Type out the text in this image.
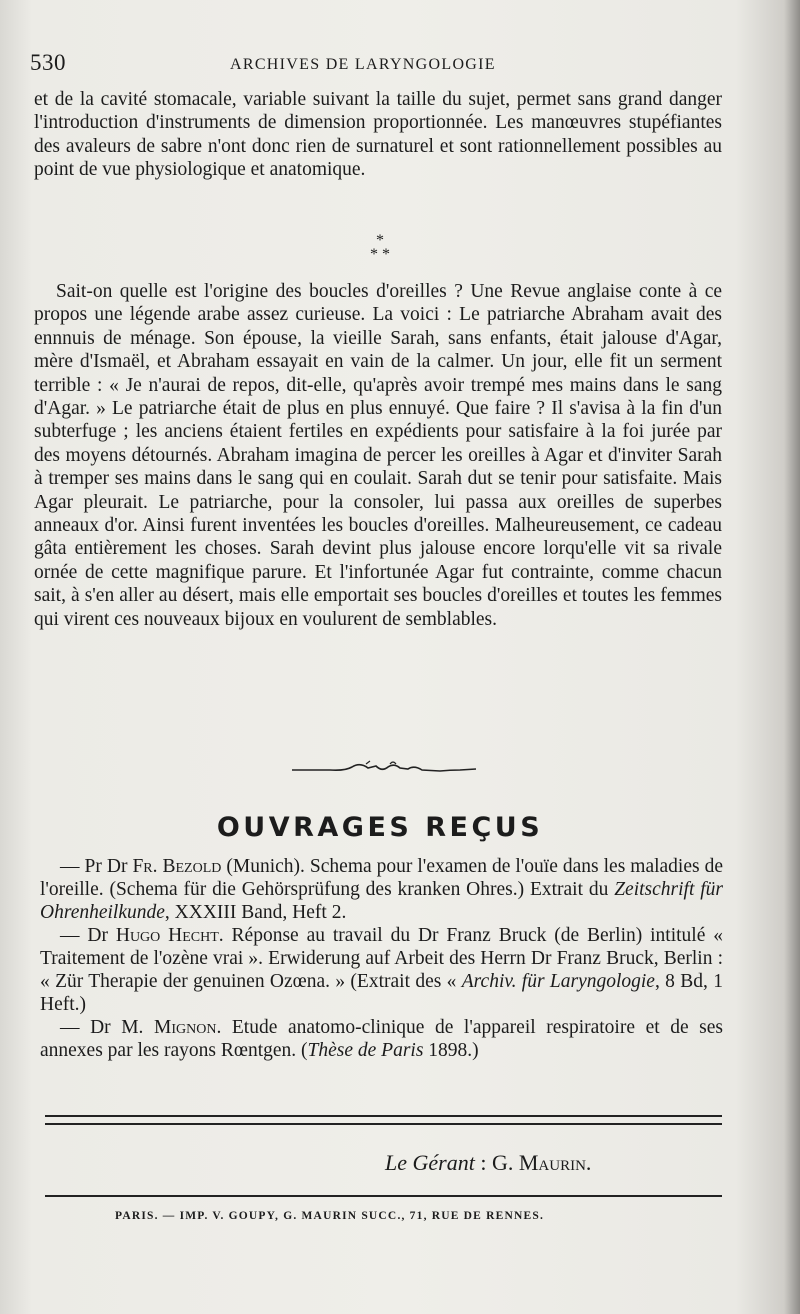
530	ARCHIVES DE LARYNGOLOGIE

et de la cavité stomacale, variable suivant la taille du sujet, permet sans grand danger l'introduction d'instruments de dimension proportionnée. Les manœuvres stupéfiantes des avaleurs de sabre n'ont donc rien de surnaturel et sont rationnellement possibles au point de vue physiologique et anatomique.

*
* *

Sait-on quelle est l'origine des boucles d'oreilles ? Une Revue anglaise conte à ce propos une légende arabe assez curieuse. La voici : Le patriarche Abraham avait des ennnuis de ménage. Son épouse, la vieille Sarah, sans enfants, était jalouse d'Agar, mère d'Ismaël, et Abraham essayait en vain de la calmer. Un jour, elle fit un serment terrible : « Je n'aurai de repos, dit-elle, qu'après avoir trempé mes mains dans le sang d'Agar. » Le patriarche était de plus en plus ennuyé. Que faire ? Il s'avisa à la fin d'un subterfuge ; les anciens étaient fertiles en expédients pour satisfaire à la foi jurée par des moyens détournés. Abraham imagina de percer les oreilles à Agar et d'inviter Sarah à tremper ses mains dans le sang qui en coulait. Sarah dut se tenir pour satisfaite. Mais Agar pleurait. Le patriarche, pour la consoler, lui passa aux oreilles de superbes anneaux d'or. Ainsi furent inventées les boucles d'oreilles. Malheureusement, ce cadeau gâta entièrement les choses. Sarah devint plus jalouse encore lorqu'elle vit sa rivale ornée de cette magnifique parure. Et l'infortunée Agar fut contrainte, comme chacun sait, à s'en aller au désert, mais elle emportait ses boucles d'oreilles et toutes les femmes qui virent ces nouveaux bijoux en voulurent de semblables.

OUVRAGES REÇUS

— Pr Dr Fr. Bezold (Munich). Schema pour l'examen de l'ouïe dans les maladies de l'oreille. (Schema für die Gehörsprüfung des kranken Ohres.) Extrait du Zeitschrift für Ohrenheilkunde, XXXIII Band, Heft 2.

— Dr Hugo Hecht. Réponse au travail du Dr Franz Bruck (de Berlin) intitulé « Traitement de l'ozène vrai ». Erwiderung auf Arbeit des Herrn Dr Franz Bruck, Berlin : « Zür Therapie der genuinen Ozœna. » (Extrait des « Archiv. für Laryngologie, 8 Bd, 1 Heft.)

— Dr M. Mignon. Etude anatomo-clinique de l'appareil respiratoire et de ses annexes par les rayons Rœntgen. (Thèse de Paris 1898.)

Le Gérant : G. Maurin.
PARIS. — IMP. V. GOUPY, G. MAURIN SUCC., 71, RUE DE RENNES.
